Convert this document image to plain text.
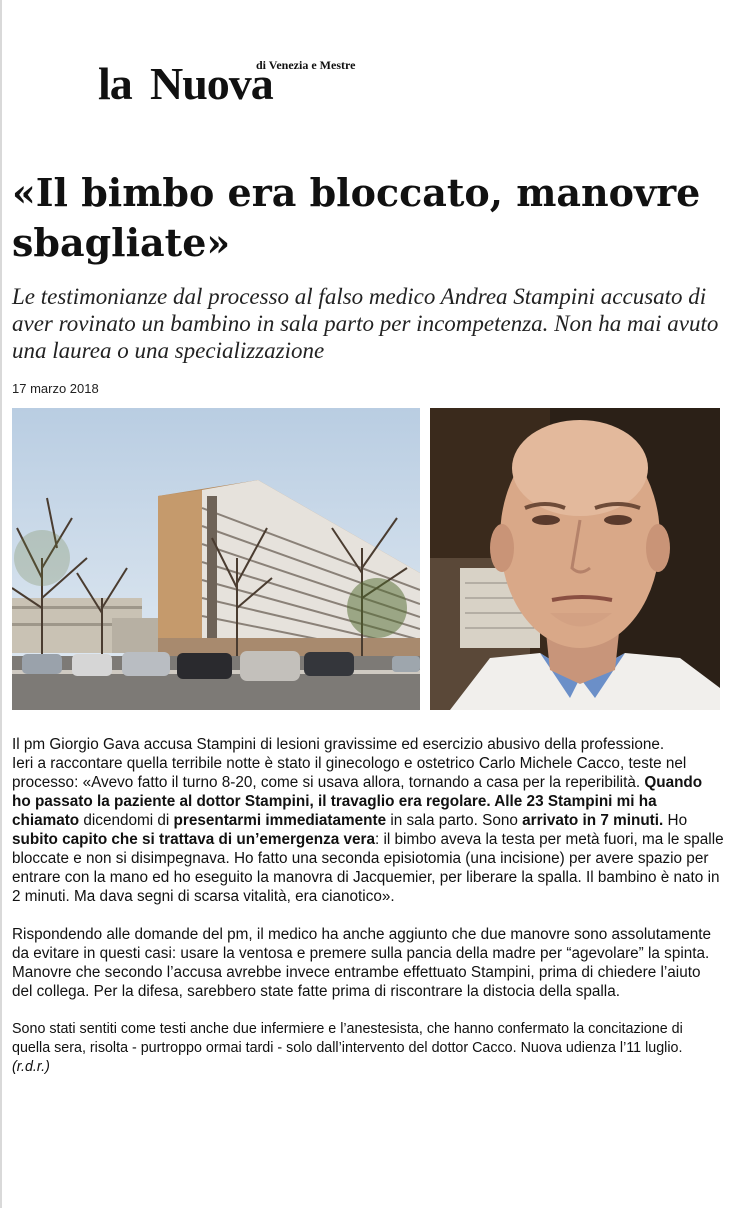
la Nuova
di Venezia e Mestre
«Il bimbo era bloccato, manovre sbagliate»

Le testimonianze dal processo al falso medico Andrea Stampini accusato di aver rovinato un bambino in sala parto per incompetenza. Non ha mai avuto una laurea o una specializzazione

17 marzo 2018

Il pm Giorgio Gava accusa Stampini di lesioni gravissime ed esercizio abusivo della professione.

Ieri a raccontare quella terribile notte è stato il ginecologo e ostetrico Carlo Michele Cacco, teste nel processo: «Avevo fatto il turno 8-20, come si usava allora, tornando a casa per la reperibilità. Quando ho passato la paziente al dottor Stampini, il travaglio era regolare. Alle 23 Stampini mi ha chiamato dicendomi di presentarmi immediatamente in sala parto. Sono arrivato in 7 minuti. Ho subito capito che si trattava di un’emergenza vera: il bimbo aveva la testa per metà fuori, ma le spalle bloccate e non si disimpegnava. Ho fatto una seconda episiotomia (una incisione) per avere spazio per entrare con la mano ed ho eseguito la manovra di Jacquemier, per liberare la spalla. Il bambino è nato in 2 minuti. Ma dava segni di scarsa vitalità, era cianotico».

Rispondendo alle domande del pm, il medico ha anche aggiunto che due manovre sono assolutamente da evitare in questi casi: usare la ventosa e premere sulla pancia della madre per “agevolare” la spinta. Manovre che secondo l’accusa avrebbe invece entrambe effettuato Stampini, prima di chiedere l’aiuto del collega. Per la difesa, sarebbero state fatte prima di riscontrare la distocia della spalla.

Sono stati sentiti come testi anche due infermiere e l’anestesista, che hanno confermato la concitazione di quella sera, risolta - purtroppo ormai tardi - solo dall’intervento del dottor Cacco. Nuova udienza l’11 luglio. (r.d.r.)
